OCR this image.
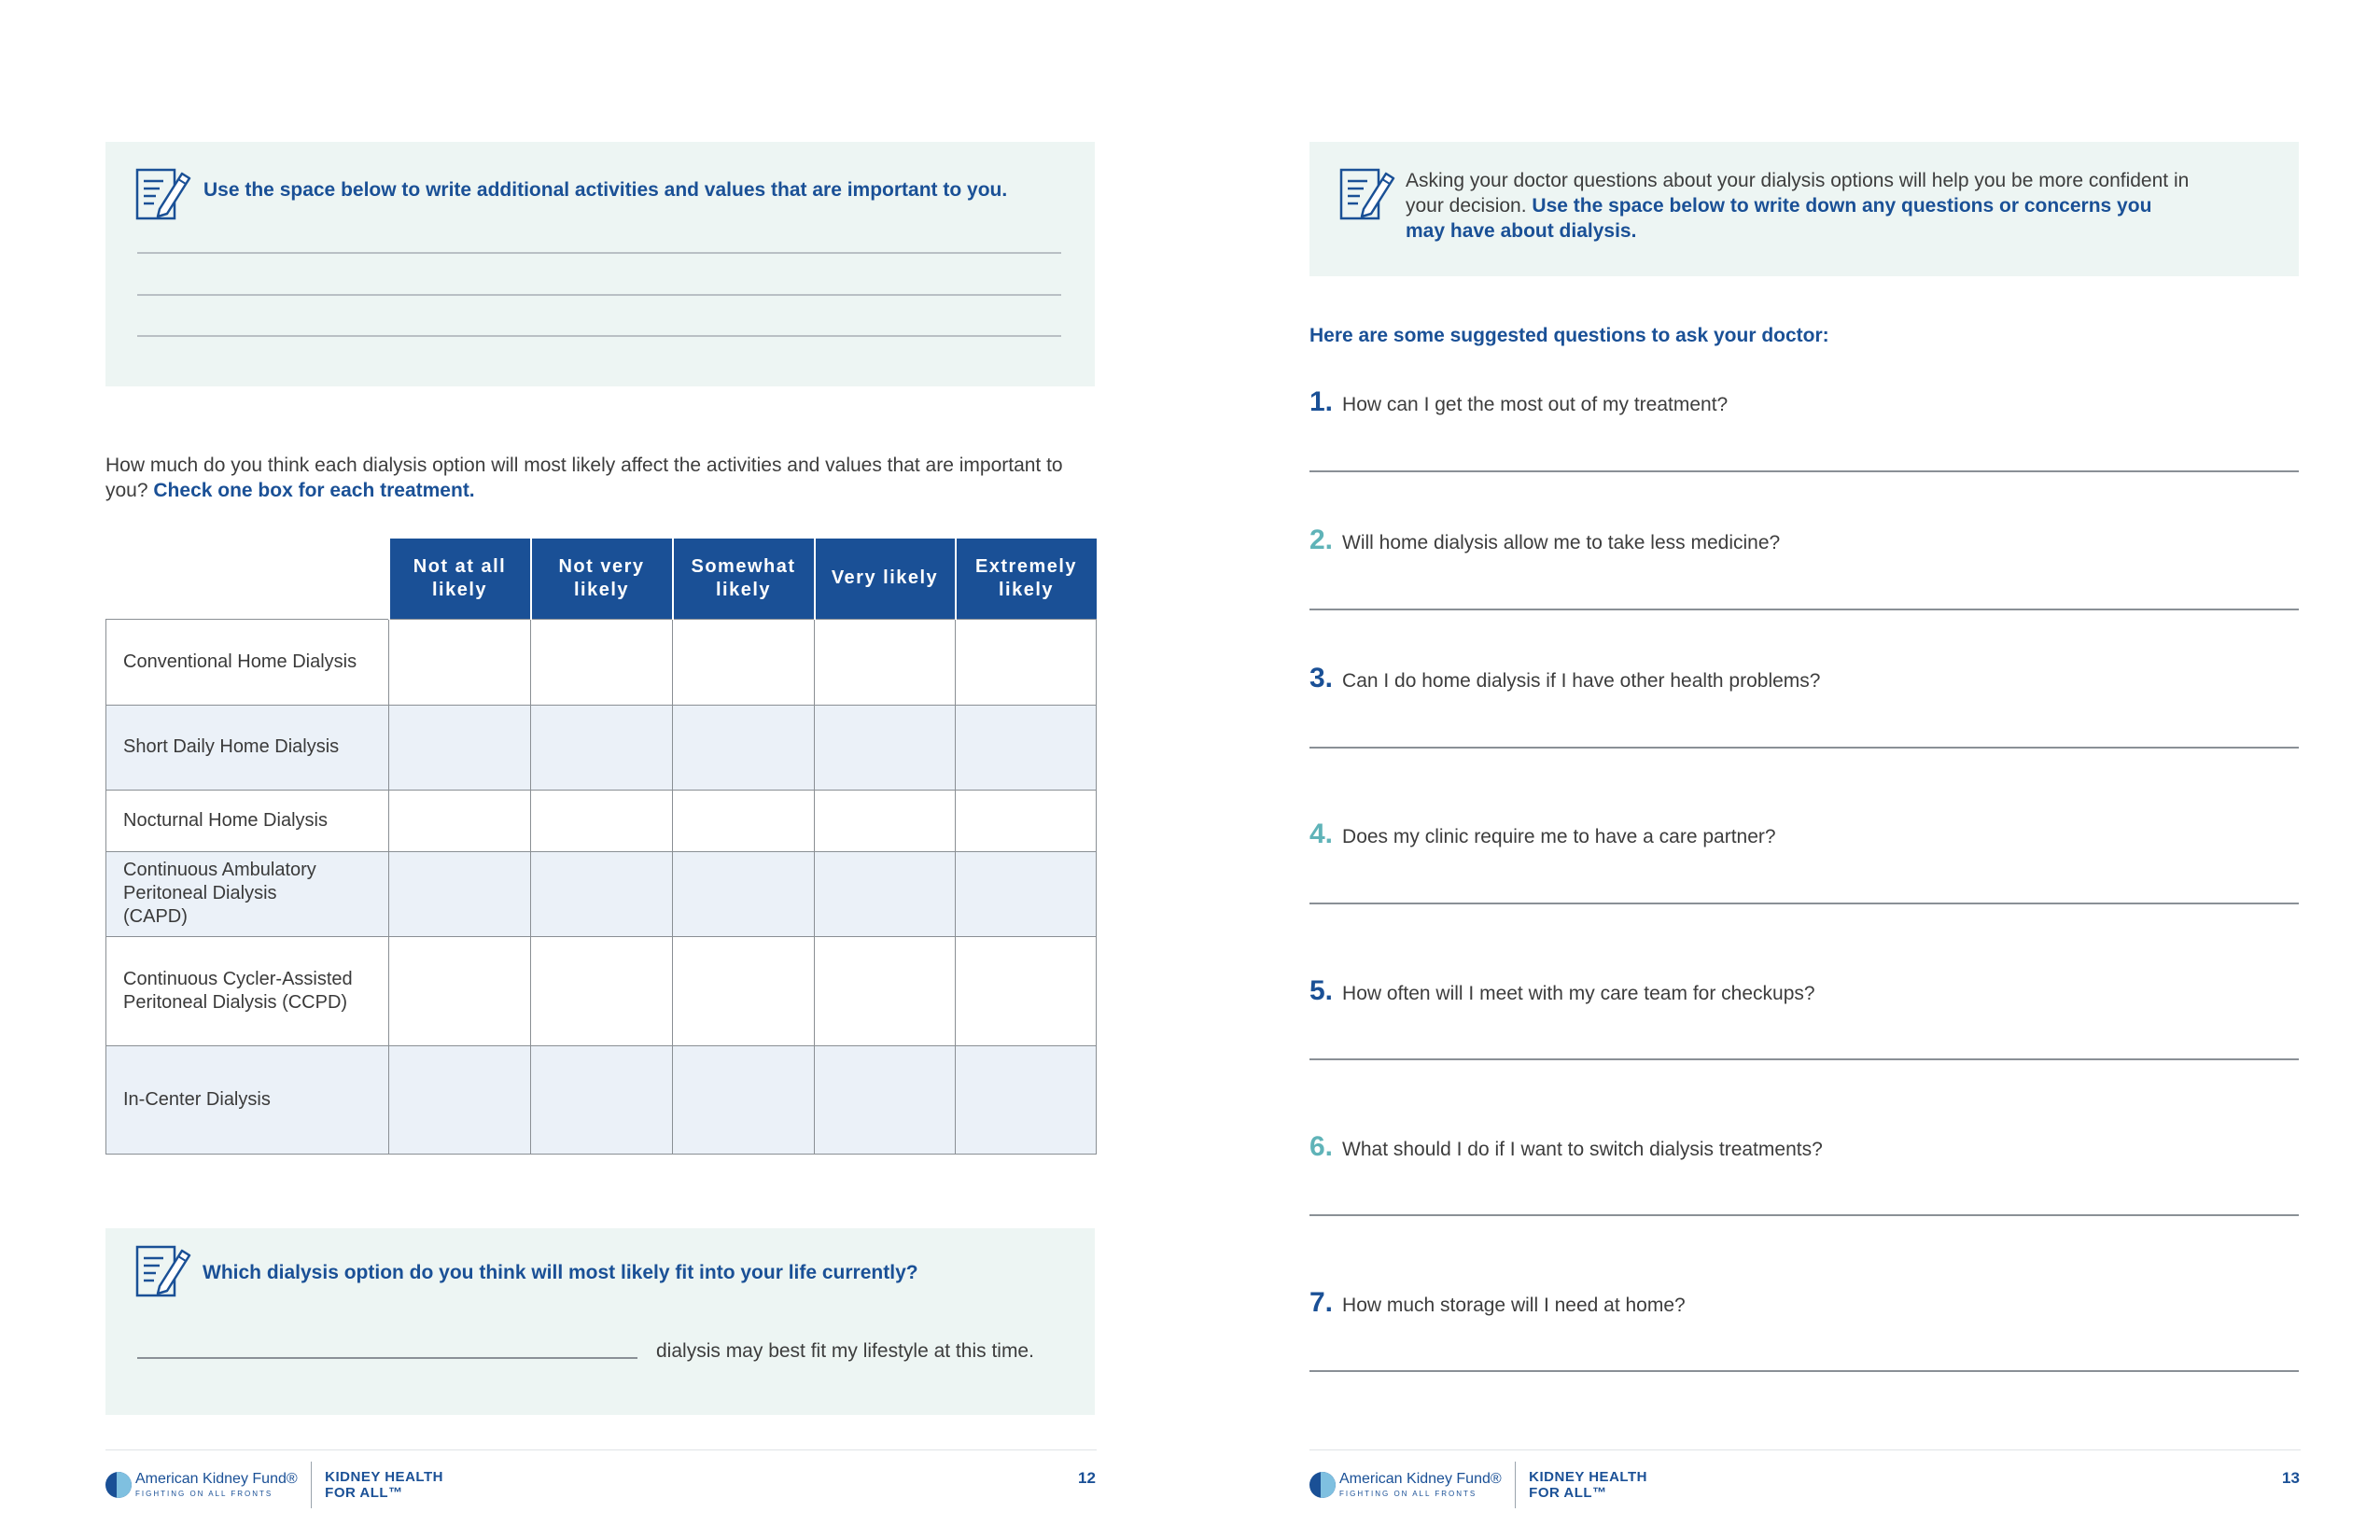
Use the space below to write additional activities and values that are important to you.
How much do you think each dialysis option will most likely affect the activities and values that are important to you? Check one box for each treatment.
	Not at all likely	Not very likely	Somewhat likely	Very likely	Extremely likely
Conventional Home Dialysis					
Short Daily Home Dialysis					
Nocturnal Home Dialysis					
Continuous Ambulatory Peritoneal Dialysis (CAPD)					
Continuous Cycler-Assisted Peritoneal Dialysis (CCPD)					
In-Center Dialysis					
Which dialysis option do you think will most likely fit into your life currently?
dialysis may best fit my lifestyle at this time.
American Kidney Fund®
FIGHTING ON ALL FRONTS
KIDNEY HEALTH
FOR ALL™
12
Asking your doctor questions about your dialysis options will help you be more confident in your decision. Use the space below to write down any questions or concerns you may have about dialysis.
Here are some suggested questions to ask your doctor:
1. How can I get the most out of my treatment?
2. Will home dialysis allow me to take less medicine?
3. Can I do home dialysis if I have other health problems?
4. Does my clinic require me to have a care partner?
5. How often will I meet with my care team for checkups?
6. What should I do if I want to switch dialysis treatments?
7. How much storage will I need at home?
American Kidney Fund®
FIGHTING ON ALL FRONTS
KIDNEY HEALTH
FOR ALL™
13
